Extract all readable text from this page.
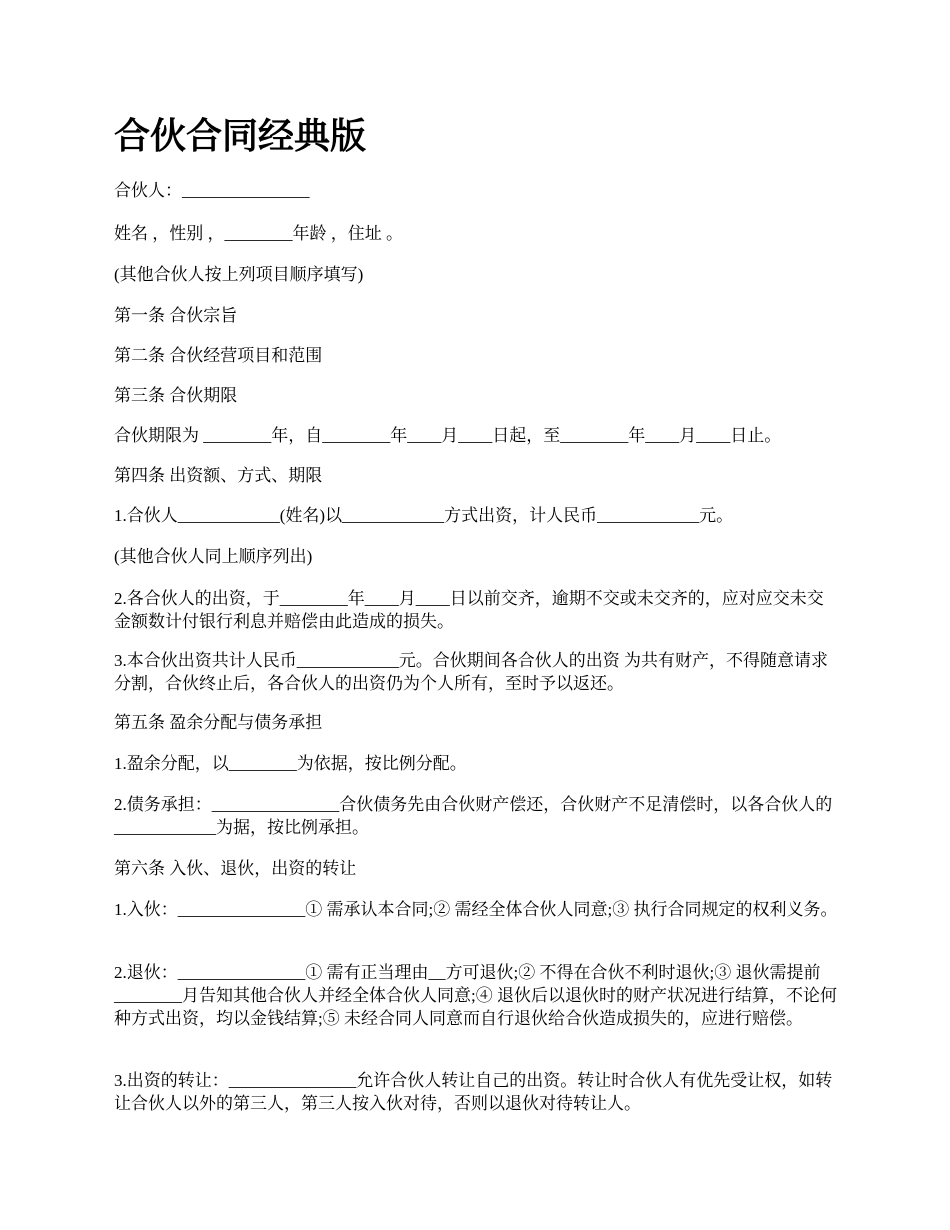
合伙合同经典版

合伙人：_______________

姓名 ，性别 ，________年龄 ，住址 。

(其他合伙人按上列项目顺序填写)

第一条 合伙宗旨

第二条 合伙经营项目和范围

第三条 合伙期限

合伙期限为 ________年，自________年____月____日起，至________年____月____日止。

第四条 出资额、方式、期限

1.合伙人____________(姓名)以____________方式出资，计人民币____________元。

(其他合伙人同上顺序列出)

2.各合伙人的出资，于________年____月____日以前交齐，逾期不交或未交齐的，应对应交未交金额数计付银行利息并赔偿由此造成的损失。

3.本合伙出资共计人民币____________元。合伙期间各合伙人的出资 为共有财产，不得随意请求分割，合伙终止后，各合伙人的出资仍为个人所有，至时予以返还。

第五条 盈余分配与债务承担

1.盈余分配，以________为依据，按比例分配。

2.债务承担：_______________合伙债务先由合伙财产偿还，合伙财产不足清偿时，以各合伙人的____________为据，按比例承担。

第六条 入伙、退伙，出资的转让

1.入伙：_______________① 需承认本合同;② 需经全体合伙人同意;③ 执行合同规定的权利义务。

2.退伙：_______________① 需有正当理由__方可退伙;② 不得在合伙不利时退伙;③ 退伙需提前________月告知其他合伙人并经全体合伙人同意;④ 退伙后以退伙时的财产状况进行结算，不论何种方式出资，均以金钱结算;⑤ 未经合同人同意而自行退伙给合伙造成损失的，应进行赔偿。

3.出资的转让：_______________允许合伙人转让自己的出资。转让时合伙人有优先受让权，如转让合伙人以外的第三人，第三人按入伙对待，否则以退伙对待转让人。
